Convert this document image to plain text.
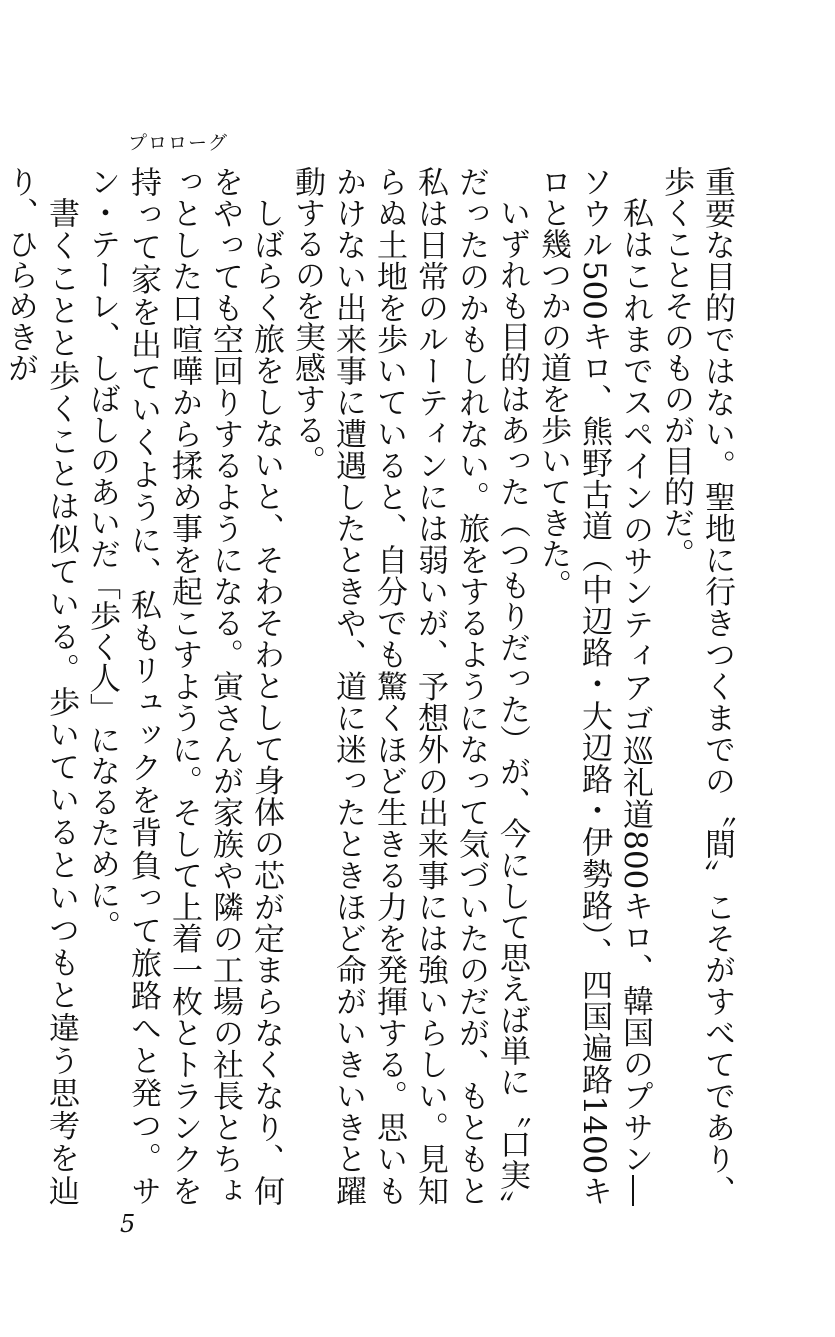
プロローグ

重要な目的ではない。聖地に行きつくまでの〝間〟こそがすべてであり、歩くことそのものが目的だ。

私はこれまでスペインのサンティアゴ巡礼道800キロ、韓国のプサン―ソウル500キロ、熊野古道（中辺路・大辺路・伊勢路）、四国遍路1400キロと幾つかの道を歩いてきた。

いずれも目的はあった（つもりだった）が、今にして思えば単に〝口実〟だったのかもしれない。旅をするようになって気づいたのだが、もともと私は日常のルーティンには弱いが、予想外の出来事には強いらしい。見知らぬ土地を歩いていると、自分でも驚くほど生きる力を発揮する。思いもかけない出来事に遭遇したときや、道に迷ったときほど命がいきいきと躍動するのを実感する。

しばらく旅をしないと、そわそわとして身体の芯が定まらなくなり、何をやっても空回りするようになる。寅さんが家族や隣の工場の社長とちょっとした口喧嘩から揉め事を起こすように。そして上着一枚とトランクを持って家を出ていくように、私もリュックを背負って旅路へと発つ。サン・テーレ、しばしのあいだ「歩く人」になるために。

書くことと歩くことは似ている。歩いているといつもと違う思考を辿り、ひらめきが

5
